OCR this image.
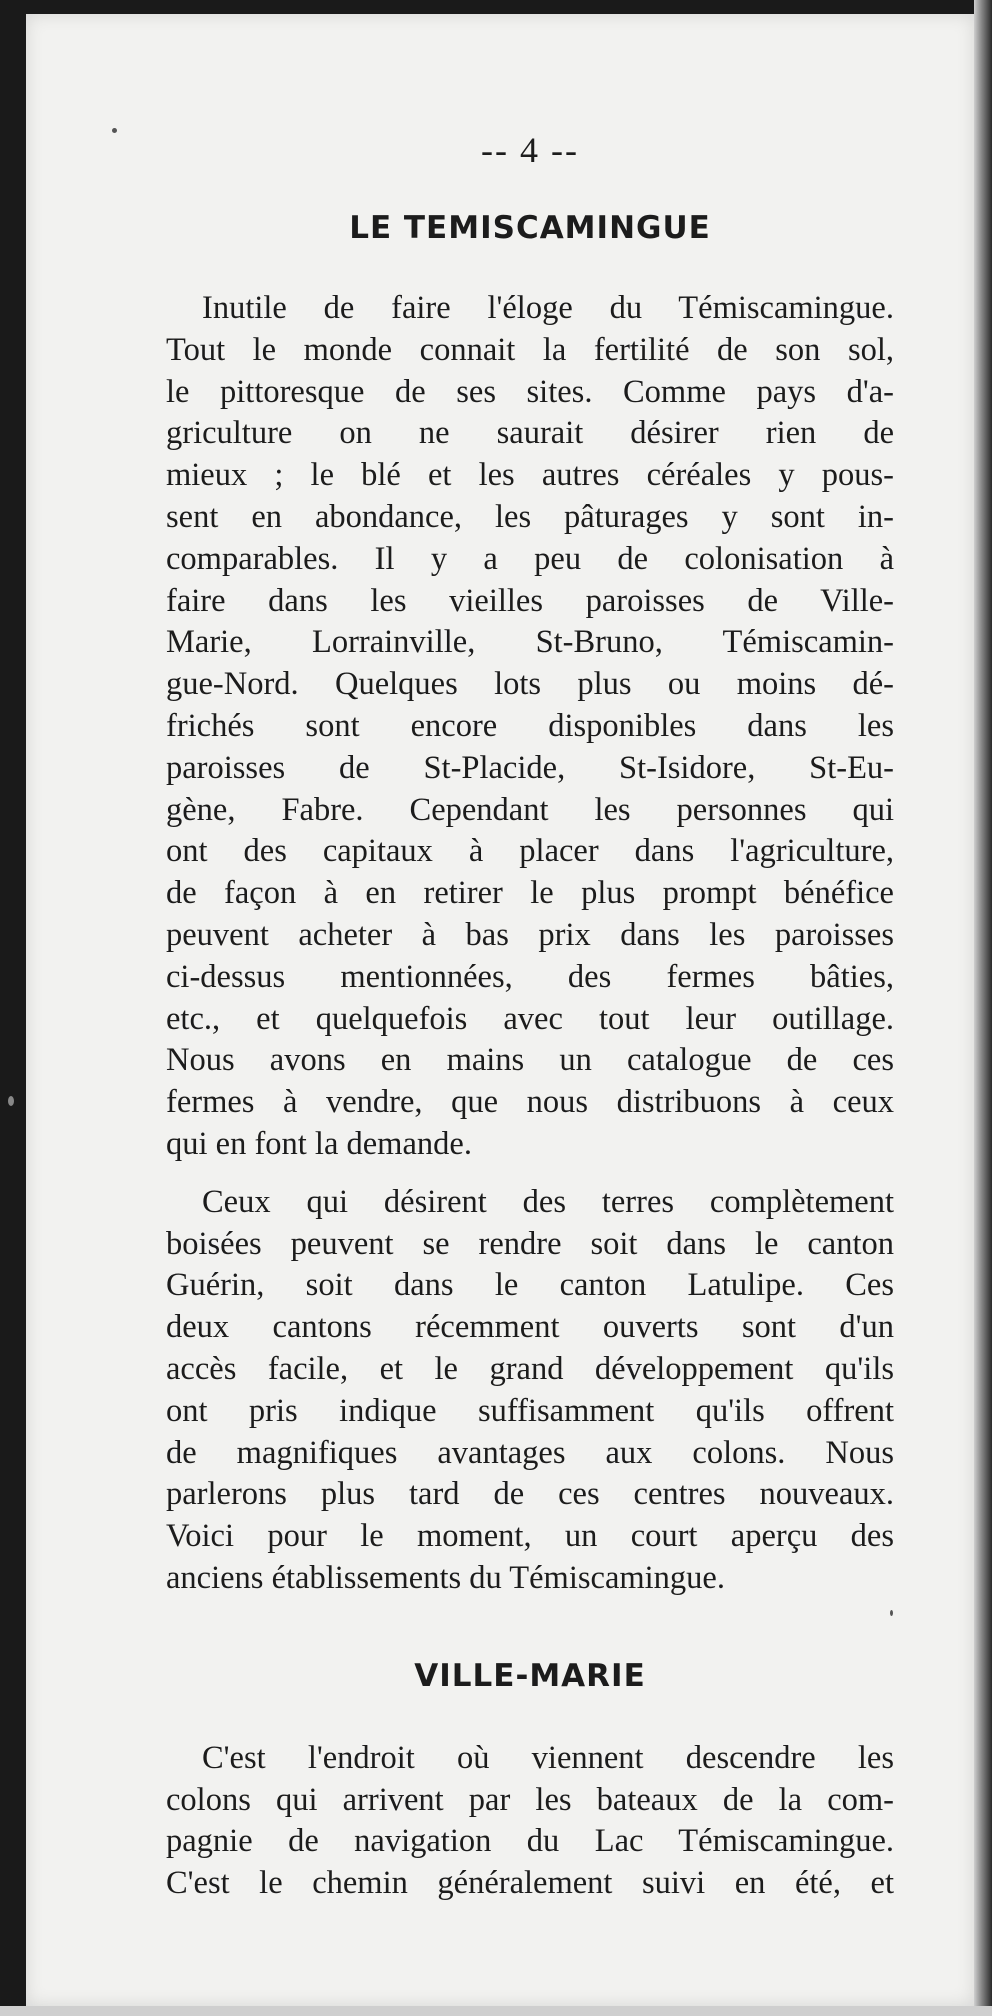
-- 4 --
LE TEMISCAMINGUE
Inutile de faire l'éloge du Témiscamingue.
Tout le monde connait la fertilité de son sol,
le pittoresque de ses sites. Comme pays d'a-
griculture on ne saurait désirer rien de
mieux ; le blé et les autres céréales y pous-
sent en abondance, les pâturages y sont in-
comparables. Il y a peu de colonisation à
faire dans les vieilles paroisses de Ville-
Marie, Lorrainville, St-Bruno, Témiscamin-
gue-Nord. Quelques lots plus ou moins dé-
frichés sont encore disponibles dans les
paroisses de St-Placide, St-Isidore, St-Eu-
gène, Fabre. Cependant les personnes qui
ont des capitaux à placer dans l'agriculture,
de façon à en retirer le plus prompt bénéfice
peuvent acheter à bas prix dans les paroisses
ci-dessus mentionnées, des fermes bâties,
etc., et quelquefois avec tout leur outillage.
Nous avons en mains un catalogue de ces
fermes à vendre, que nous distribuons à ceux
qui en font la demande.
Ceux qui désirent des terres complètement
boisées peuvent se rendre soit dans le canton
Guérin, soit dans le canton Latulipe. Ces
deux cantons récemment ouverts sont d'un
accès facile, et le grand développement qu'ils
ont pris indique suffisamment qu'ils offrent
de magnifiques avantages aux colons. Nous
parlerons plus tard de ces centres nouveaux.
Voici pour le moment, un court aperçu des
anciens établissements du Témiscamingue.
VILLE-MARIE
C'est l'endroit où viennent descendre les
colons qui arrivent par les bateaux de la com-
pagnie de navigation du Lac Témiscamingue.
C'est le chemin généralement suivi en été, et
